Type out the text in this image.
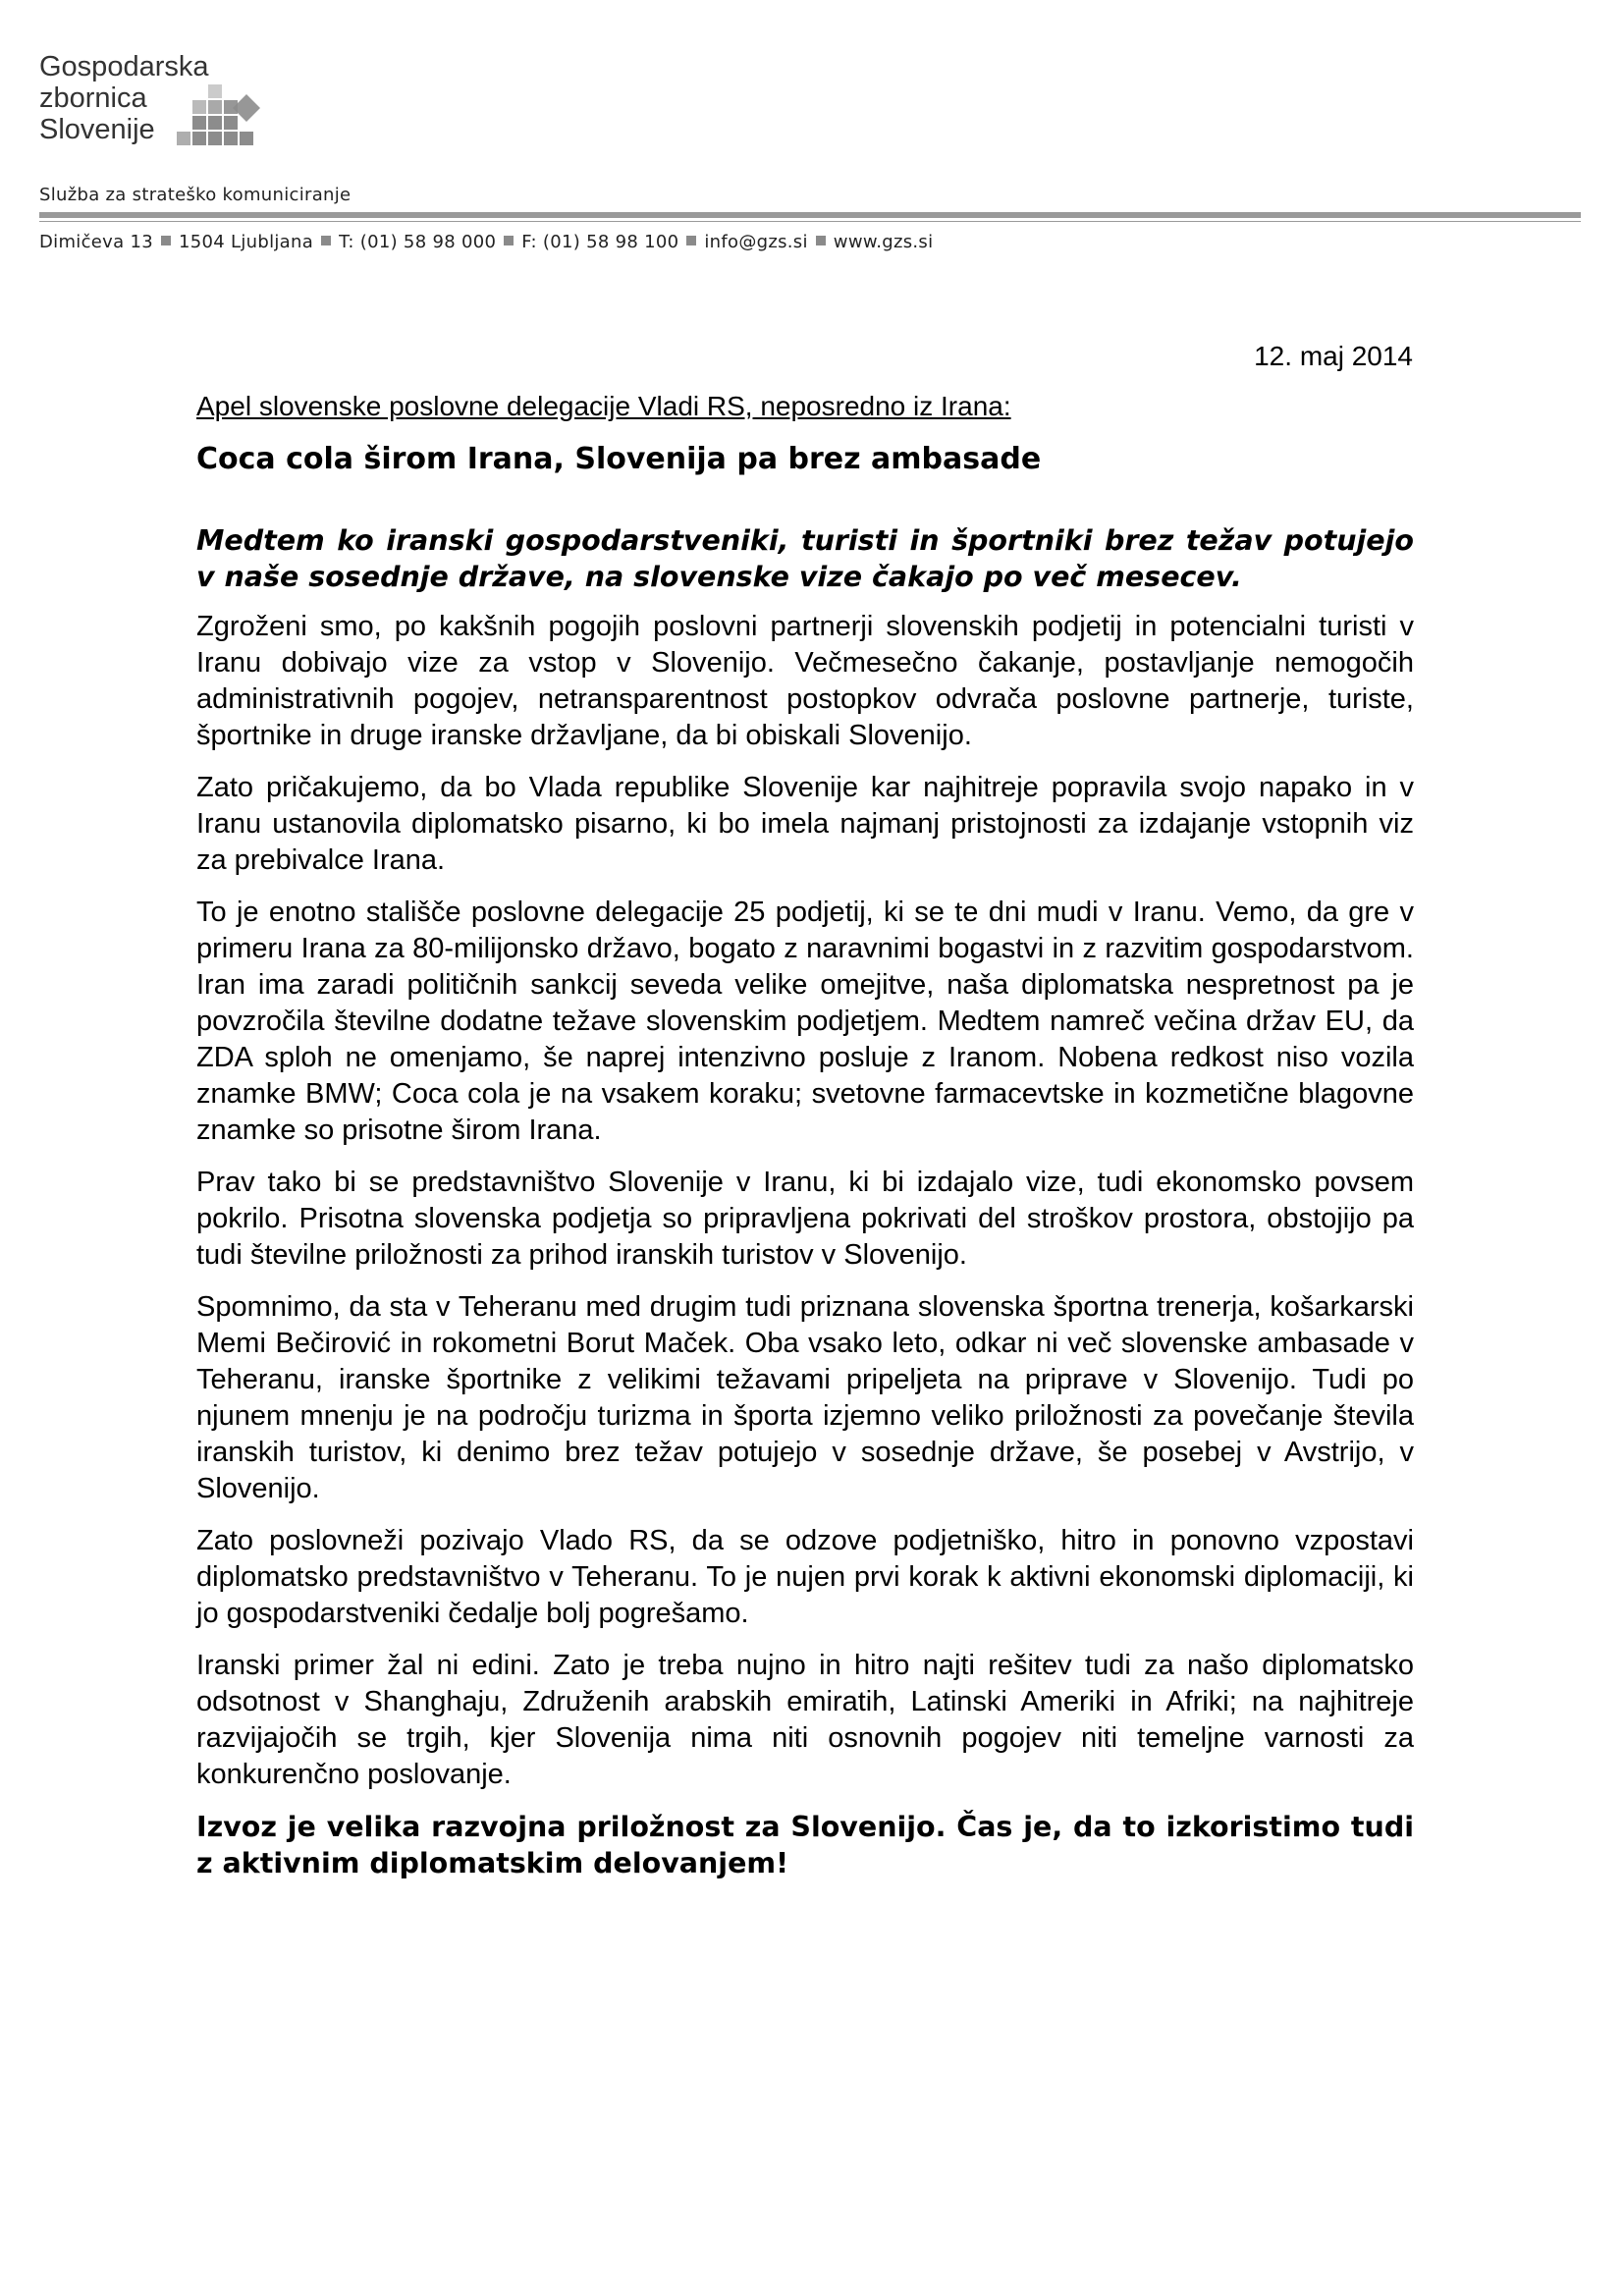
Gospodarska
zbornica
Slovenije
Služba za strateško komuniciranje
Dimičeva 13 1504 Ljubljana T: (01) 58 98 000 F: (01) 58 98 100 info@gzs.si www.gzs.si
12. maj 2014
Apel slovenske poslovne delegacije Vladi RS, neposredno iz Irana:
Coca cola širom Irana, Slovenija pa brez ambasade
Medtem ko iranski gospodarstveniki, turisti in športniki brez težav potujejo v naše sosednje države, na slovenske vize čakajo po več mesecev.
Zgroženi smo, po kakšnih pogojih poslovni partnerji slovenskih podjetij in potencialni turisti v Iranu dobivajo vize za vstop v Slovenijo. Večmesečno čakanje, postavljanje nemogočih administrativnih pogojev, netransparentnost postopkov odvrača poslovne partnerje, turiste, športnike in druge iranske državljane, da bi obiskali Slovenijo.
Zato pričakujemo, da bo Vlada republike Slovenije kar najhitreje popravila svojo napako in v Iranu ustanovila diplomatsko pisarno, ki bo imela najmanj pristojnosti za izdajanje vstopnih viz za prebivalce Irana.
To je enotno stališče poslovne delegacije 25 podjetij, ki se te dni mudi v Iranu. Vemo, da gre v primeru Irana za 80-milijonsko državo, bogato z naravnimi bogastvi in z razvitim gospodarstvom. Iran ima zaradi političnih sankcij seveda velike omejitve, naša diplomatska nespretnost pa je povzročila številne dodatne težave slovenskim podjetjem. Medtem namreč večina držav EU, da ZDA sploh ne omenjamo, še naprej intenzivno posluje z Iranom. Nobena redkost niso vozila znamke BMW; Coca cola je na vsakem koraku; svetovne farmacevtske in kozmetične blagovne znamke so prisotne širom Irana.
Prav tako bi se predstavništvo Slovenije v Iranu, ki bi izdajalo vize, tudi ekonomsko povsem pokrilo. Prisotna slovenska podjetja so pripravljena pokrivati del stroškov prostora, obstojijo pa tudi številne priložnosti za prihod iranskih turistov v Slovenijo.
Spomnimo, da sta v Teheranu med drugim tudi priznana slovenska športna trenerja, košarkarski Memi Bečirović in rokometni Borut Maček. Oba vsako leto, odkar ni več slovenske ambasade v Teheranu, iranske športnike z velikimi težavami pripeljeta na priprave v Slovenijo. Tudi po njunem mnenju je na področju turizma in športa izjemno veliko priložnosti za povečanje števila iranskih turistov, ki denimo brez težav potujejo v sosednje države, še posebej v Avstrijo, v Slovenijo.
Zato poslovneži pozivajo Vlado RS, da se odzove podjetniško, hitro in ponovno vzpostavi diplomatsko predstavništvo v Teheranu. To je nujen prvi korak k aktivni ekonomski diplomaciji, ki jo gospodarstveniki čedalje bolj pogrešamo.
Iranski primer žal ni edini. Zato je treba nujno in hitro najti rešitev tudi za našo diplomatsko odsotnost v Shanghaju, Združenih arabskih emiratih, Latinski Ameriki in Afriki; na najhitreje razvijajočih se trgih, kjer Slovenija nima niti osnovnih pogojev niti temeljne varnosti za konkurenčno poslovanje.
Izvoz je velika razvojna priložnost za Slovenijo. Čas je, da to izkoristimo tudi z aktivnim diplomatskim delovanjem!
